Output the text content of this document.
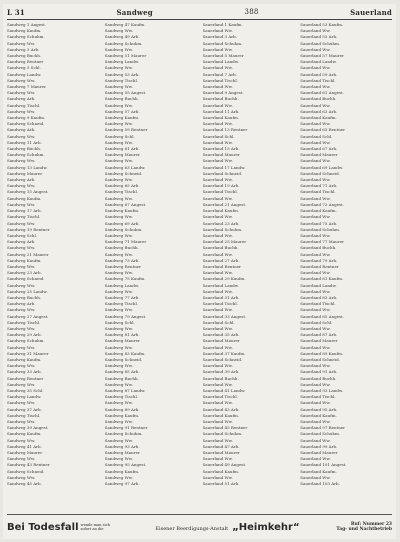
L 31	Sandweg	388	Sauerland
Sandweg 1 Angest.
Sandweg Kaufm.
Sandweg Schuhm.
Sandweg Ww.
Sandweg 3 Arb.
Sandweg Buchh.
Sandweg Rentner
Sandweg 5 Schl.
Sandweg Landw.
Sandweg Ww.
Sandweg 7 Maurer
Sandweg Ww.
Sandweg Arb.
Sandweg Tischl.
Sandweg Ww.
Sandweg 9 Kaufm.
Sandweg Schneid.
Sandweg Arb.
Sandweg Ww.
Sandweg 11 Arb.
Sandweg Buchh.
Sandweg Schuhm.
Sandweg Ww.
Sandweg 13 Landw.
Sandweg Maurer
Sandweg Arb.
Sandweg Ww.
Sandweg 15 Angest.
Sandweg Kaufm.
Sandweg Ww.
Sandweg 17 Arb.
Sandweg Tischl.
Sandweg Ww.
Sandweg 19 Rentner
Sandweg Schl.
Sandweg Arb.
Sandweg Ww.
Sandweg 21 Maurer
Sandweg Kaufm.
Sandweg Ww.
Sandweg 23 Arb.
Sandweg Schneid.
Sandweg Ww.
Sandweg 25 Landw.
Sandweg Buchh.
Sandweg Arb.
Sandweg Ww.
Sandweg 27 Angest.
Sandweg Tischl.
Sandweg Ww.
Sandweg 29 Arb.
Sandweg Schuhm.
Sandweg Ww.
Sandweg 31 Maurer
Sandweg Kaufm.
Sandweg Ww.
Sandweg 33 Arb.
Sandweg Rentner
Sandweg Ww.
Sandweg 35 Schl.
Sandweg Landw.
Sandweg Ww.
Sandweg 37 Arb.
Sandweg Tischl.
Sandweg Ww.
Sandweg 39 Angest.
Sandweg Kaufm.
Sandweg Ww.
Sandweg 41 Arb.
Sandweg Maurer
Sandweg Ww.
Sandweg 43 Rentner
Sandweg Schneid.
Sandweg Ww.
Sandweg 45 Arb.
Sandweg 47 Kaufm.
Sandweg Ww.
Sandweg 49 Arb.
Sandweg Schuhm.
Sandweg Ww.
Sandweg 51 Maurer
Sandweg Landw.
Sandweg Ww.
Sandweg 53 Arb.
Sandweg Tischl.
Sandweg Ww.
Sandweg 55 Angest.
Sandweg Buchh.
Sandweg Ww.
Sandweg 57 Arb.
Sandweg Kaufm.
Sandweg Ww.
Sandweg 59 Rentner
Sandweg Schl.
Sandweg Ww.
Sandweg 61 Arb.
Sandweg Maurer
Sandweg Ww.
Sandweg 63 Landw.
Sandweg Schneid.
Sandweg Ww.
Sandweg 65 Arb.
Sandweg Tischl.
Sandweg Ww.
Sandweg 67 Angest.
Sandweg Kaufm.
Sandweg Ww.
Sandweg 69 Arb.
Sandweg Schuhm.
Sandweg Ww.
Sandweg 71 Maurer
Sandweg Buchh.
Sandweg Ww.
Sandweg 73 Arb.
Sandweg Rentner
Sandweg Ww.
Sandweg 75 Kaufm.
Sandweg Landw.
Sandweg Ww.
Sandweg 77 Arb.
Sandweg Tischl.
Sandweg Ww.
Sandweg 79 Angest.
Sandweg Schl.
Sandweg Ww.
Sandweg 81 Arb.
Sandweg Maurer
Sandweg Ww.
Sandweg 83 Kaufm.
Sandweg Schneid.
Sandweg Ww.
Sandweg 85 Arb.
Sandweg Buchh.
Sandweg Ww.
Sandweg 87 Landw.
Sandweg Tischl.
Sandweg Ww.
Sandweg 89 Arb.
Sandweg Kaufm.
Sandweg Ww.
Sandweg 91 Rentner
Sandweg Schuhm.
Sandweg Ww.
Sandweg 93 Arb.
Sandweg Maurer
Sandweg Ww.
Sandweg 95 Angest.
Sandweg Kaufm.
Sandweg Ww.
Sandweg 97 Arb.
Sauerland 1 Kaufm.
Sauerland Ww.
Sauerland 3 Arb.
Sauerland Schuhm.
Sauerland Ww.
Sauerland 5 Maurer
Sauerland Landw.
Sauerland Ww.
Sauerland 7 Arb.
Sauerland Tischl.
Sauerland Ww.
Sauerland 9 Angest.
Sauerland Buchh.
Sauerland Ww.
Sauerland 11 Arb.
Sauerland Kaufm.
Sauerland Ww.
Sauerland 13 Rentner
Sauerland Schl.
Sauerland Ww.
Sauerland 15 Arb.
Sauerland Maurer
Sauerland Ww.
Sauerland 17 Landw.
Sauerland Schneid.
Sauerland Ww.
Sauerland 19 Arb.
Sauerland Tischl.
Sauerland Ww.
Sauerland 21 Angest.
Sauerland Kaufm.
Sauerland Ww.
Sauerland 23 Arb.
Sauerland Schuhm.
Sauerland Ww.
Sauerland 25 Maurer
Sauerland Buchh.
Sauerland Ww.
Sauerland 27 Arb.
Sauerland Rentner
Sauerland Ww.
Sauerland 29 Kaufm.
Sauerland Landw.
Sauerland Ww.
Sauerland 31 Arb.
Sauerland Tischl.
Sauerland Ww.
Sauerland 33 Angest.
Sauerland Schl.
Sauerland Ww.
Sauerland 35 Arb.
Sauerland Maurer
Sauerland Ww.
Sauerland 37 Kaufm.
Sauerland Schneid.
Sauerland Ww.
Sauerland 39 Arb.
Sauerland Buchh.
Sauerland Ww.
Sauerland 41 Landw.
Sauerland Tischl.
Sauerland Ww.
Sauerland 43 Arb.
Sauerland Kaufm.
Sauerland Ww.
Sauerland 45 Rentner
Sauerland Schuhm.
Sauerland Ww.
Sauerland 47 Arb.
Sauerland Maurer
Sauerland Ww.
Sauerland 49 Angest.
Sauerland Kaufm.
Sauerland Ww.
Sauerland 51 Arb.
Sauerland 53 Kaufm.
Sauerland Ww.
Sauerland 55 Arb.
Sauerland Schuhm.
Sauerland Ww.
Sauerland 57 Maurer
Sauerland Landw.
Sauerland Ww.
Sauerland 59 Arb.
Sauerland Tischl.
Sauerland Ww.
Sauerland 61 Angest.
Sauerland Buchh.
Sauerland Ww.
Sauerland 63 Arb.
Sauerland Kaufm.
Sauerland Ww.
Sauerland 65 Rentner
Sauerland Schl.
Sauerland Ww.
Sauerland 67 Arb.
Sauerland Maurer
Sauerland Ww.
Sauerland 69 Landw.
Sauerland Schneid.
Sauerland Ww.
Sauerland 71 Arb.
Sauerland Tischl.
Sauerland Ww.
Sauerland 73 Angest.
Sauerland Kaufm.
Sauerland Ww.
Sauerland 75 Arb.
Sauerland Schuhm.
Sauerland Ww.
Sauerland 77 Maurer
Sauerland Buchh.
Sauerland Ww.
Sauerland 79 Arb.
Sauerland Rentner
Sauerland Ww.
Sauerland 81 Kaufm.
Sauerland Landw.
Sauerland Ww.
Sauerland 83 Arb.
Sauerland Tischl.
Sauerland Ww.
Sauerland 85 Angest.
Sauerland Schl.
Sauerland Ww.
Sauerland 87 Arb.
Sauerland Maurer
Sauerland Ww.
Sauerland 89 Kaufm.
Sauerland Schneid.
Sauerland Ww.
Sauerland 91 Arb.
Sauerland Buchh.
Sauerland Ww.
Sauerland 93 Landw.
Sauerland Tischl.
Sauerland Ww.
Sauerland 95 Arb.
Sauerland Kaufm.
Sauerland Ww.
Sauerland 97 Rentner
Sauerland Schuhm.
Sauerland Ww.
Sauerland 99 Arb.
Sauerland Maurer
Sauerland Ww.
Sauerland 101 Angest.
Sauerland Kaufm.
Sauerland Ww.
Sauerland 103 Arb.
Bei Todesfall wende man sich sofort an die	Eisener Beerdigungs-Anstalt „Heimkehr“	Ruf: Nummer 23
Tag- und Nachtbetrieb
